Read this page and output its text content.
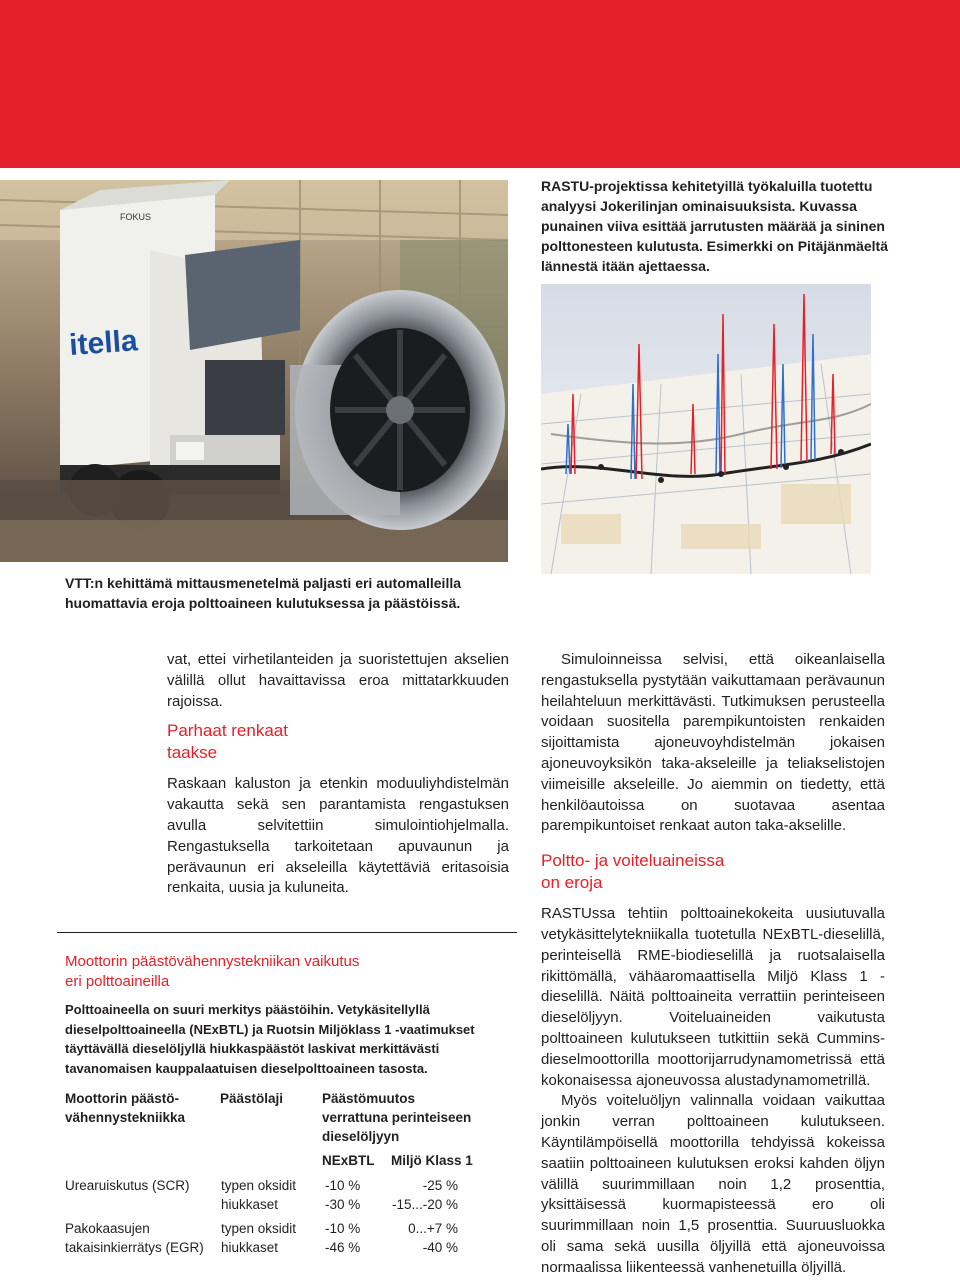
itella
FOKUS

RASTU-projektissa kehitetyillä työkaluilla tuotettu analyysi Jokerilinjan ominaisuuksista. Kuvassa punainen viiva esittää jarrutusten määrää ja sininen polttonesteen kulutusta. Esimerkki on Pitäjänmäeltä lännestä itään ajettaessa.

VTT:n kehittämä mittausmenetelmä paljasti eri automalleilla huomattavia eroja polttoaineen kulutuksessa ja päästöissä.

vat, ettei virhetilanteiden ja suoristettujen akselien välillä ollut havaittavissa eroa mittatarkkuuden rajoissa.

Parhaat renkaat
taakse

Raskaan kaluston ja etenkin moduuliyhdistelmän vakautta sekä sen parantamista rengastuksen avulla selvitettiin simulointiohjelmalla. Rengastuksella tarkoitetaan apuvaunun ja perävaunun eri akseleilla käytettäviä eritasoisia renkaita, uusia ja kuluneita.

Simuloinneissa selvisi, että oikeanlaisella rengastuksella pystytään vaikuttamaan perävaunun heilahteluun merkittävästi. Tutkimuksen perusteella voidaan suositella parempikuntoisten renkaiden sijoittamista ajoneuvoyhdistelmän jokaisen ajoneuvoyksikön taka-akseleille ja teliakselistojen viimeisille akseleille. Jo aiemmin on tiedetty, että henkilöautoissa on suotavaa asentaa parempikuntoiset renkaat auton taka-akselille.

Poltto- ja voiteluaineissa
on eroja

RASTUssa tehtiin polttoainekokeita uusiutuvalla vetykäsittelytekniikalla tuotetulla NExBTL-dieselillä, perinteisellä RME-biodieselillä ja ruotsalaisella rikittömällä, vähäaromaattisella Miljö Klass 1 -dieselillä. Näitä polttoaineita verrattiin perinteiseen dieselöljyyn. Voiteluaineiden vaikutusta polttoaineen kulutukseen tutkittiin sekä Cummins-dieselmoottorilla moottorijarrudynamometrissä että kokonaisessa ajoneuvossa alustadynamometrillä.

Myös voiteluöljyn valinnalla voidaan vaikuttaa jonkin verran polttoaineen kulutukseen. Käyntilämpöisellä moottorilla tehdyissä kokeissa saatiin polttoaineen kulutuksen eroksi kahden öljyn välillä suurimmillaan noin 1,2 prosenttia, yksittäisessä kuormapisteessä ero oli suurimmillaan noin 1,5 prosenttia. Suuruusluokka oli sama sekä uusilla öljyillä että ajoneuvoissa normaalissa liikenteessä vanhenetuilla öljyillä.

Moottorin päästövähennystekniikan vaikutus
eri polttoaineilla

Polttoaineella on suuri merkitys päästöihin. Vetykäsitellyllä dieselpolttoaineella (NExBTL) ja Ruotsin Miljöklass 1 -vaatimukset täyttävällä dieselöljyllä hiukkaspäästöt laskivat merkittävästi tavanomaisen kauppalaatuisen dieselpolttoaineen tasosta.

Moottorin päästö-
vähennystekniikka
Päästölaji	Päästömuutos
verrattuna perinteiseen
dieselöljyyn
NExBTL Miljö Klass 1
Urearuiskutus (SCR) typen oksidit -10 %	-25 %
hiukkaset	-30 %	-15...-20 %
Pakokaasujen	typen oksidit -10 %	0...+7 %
takaisinkierrätys (EGR) hiukkaset	-46 %	-40 %
